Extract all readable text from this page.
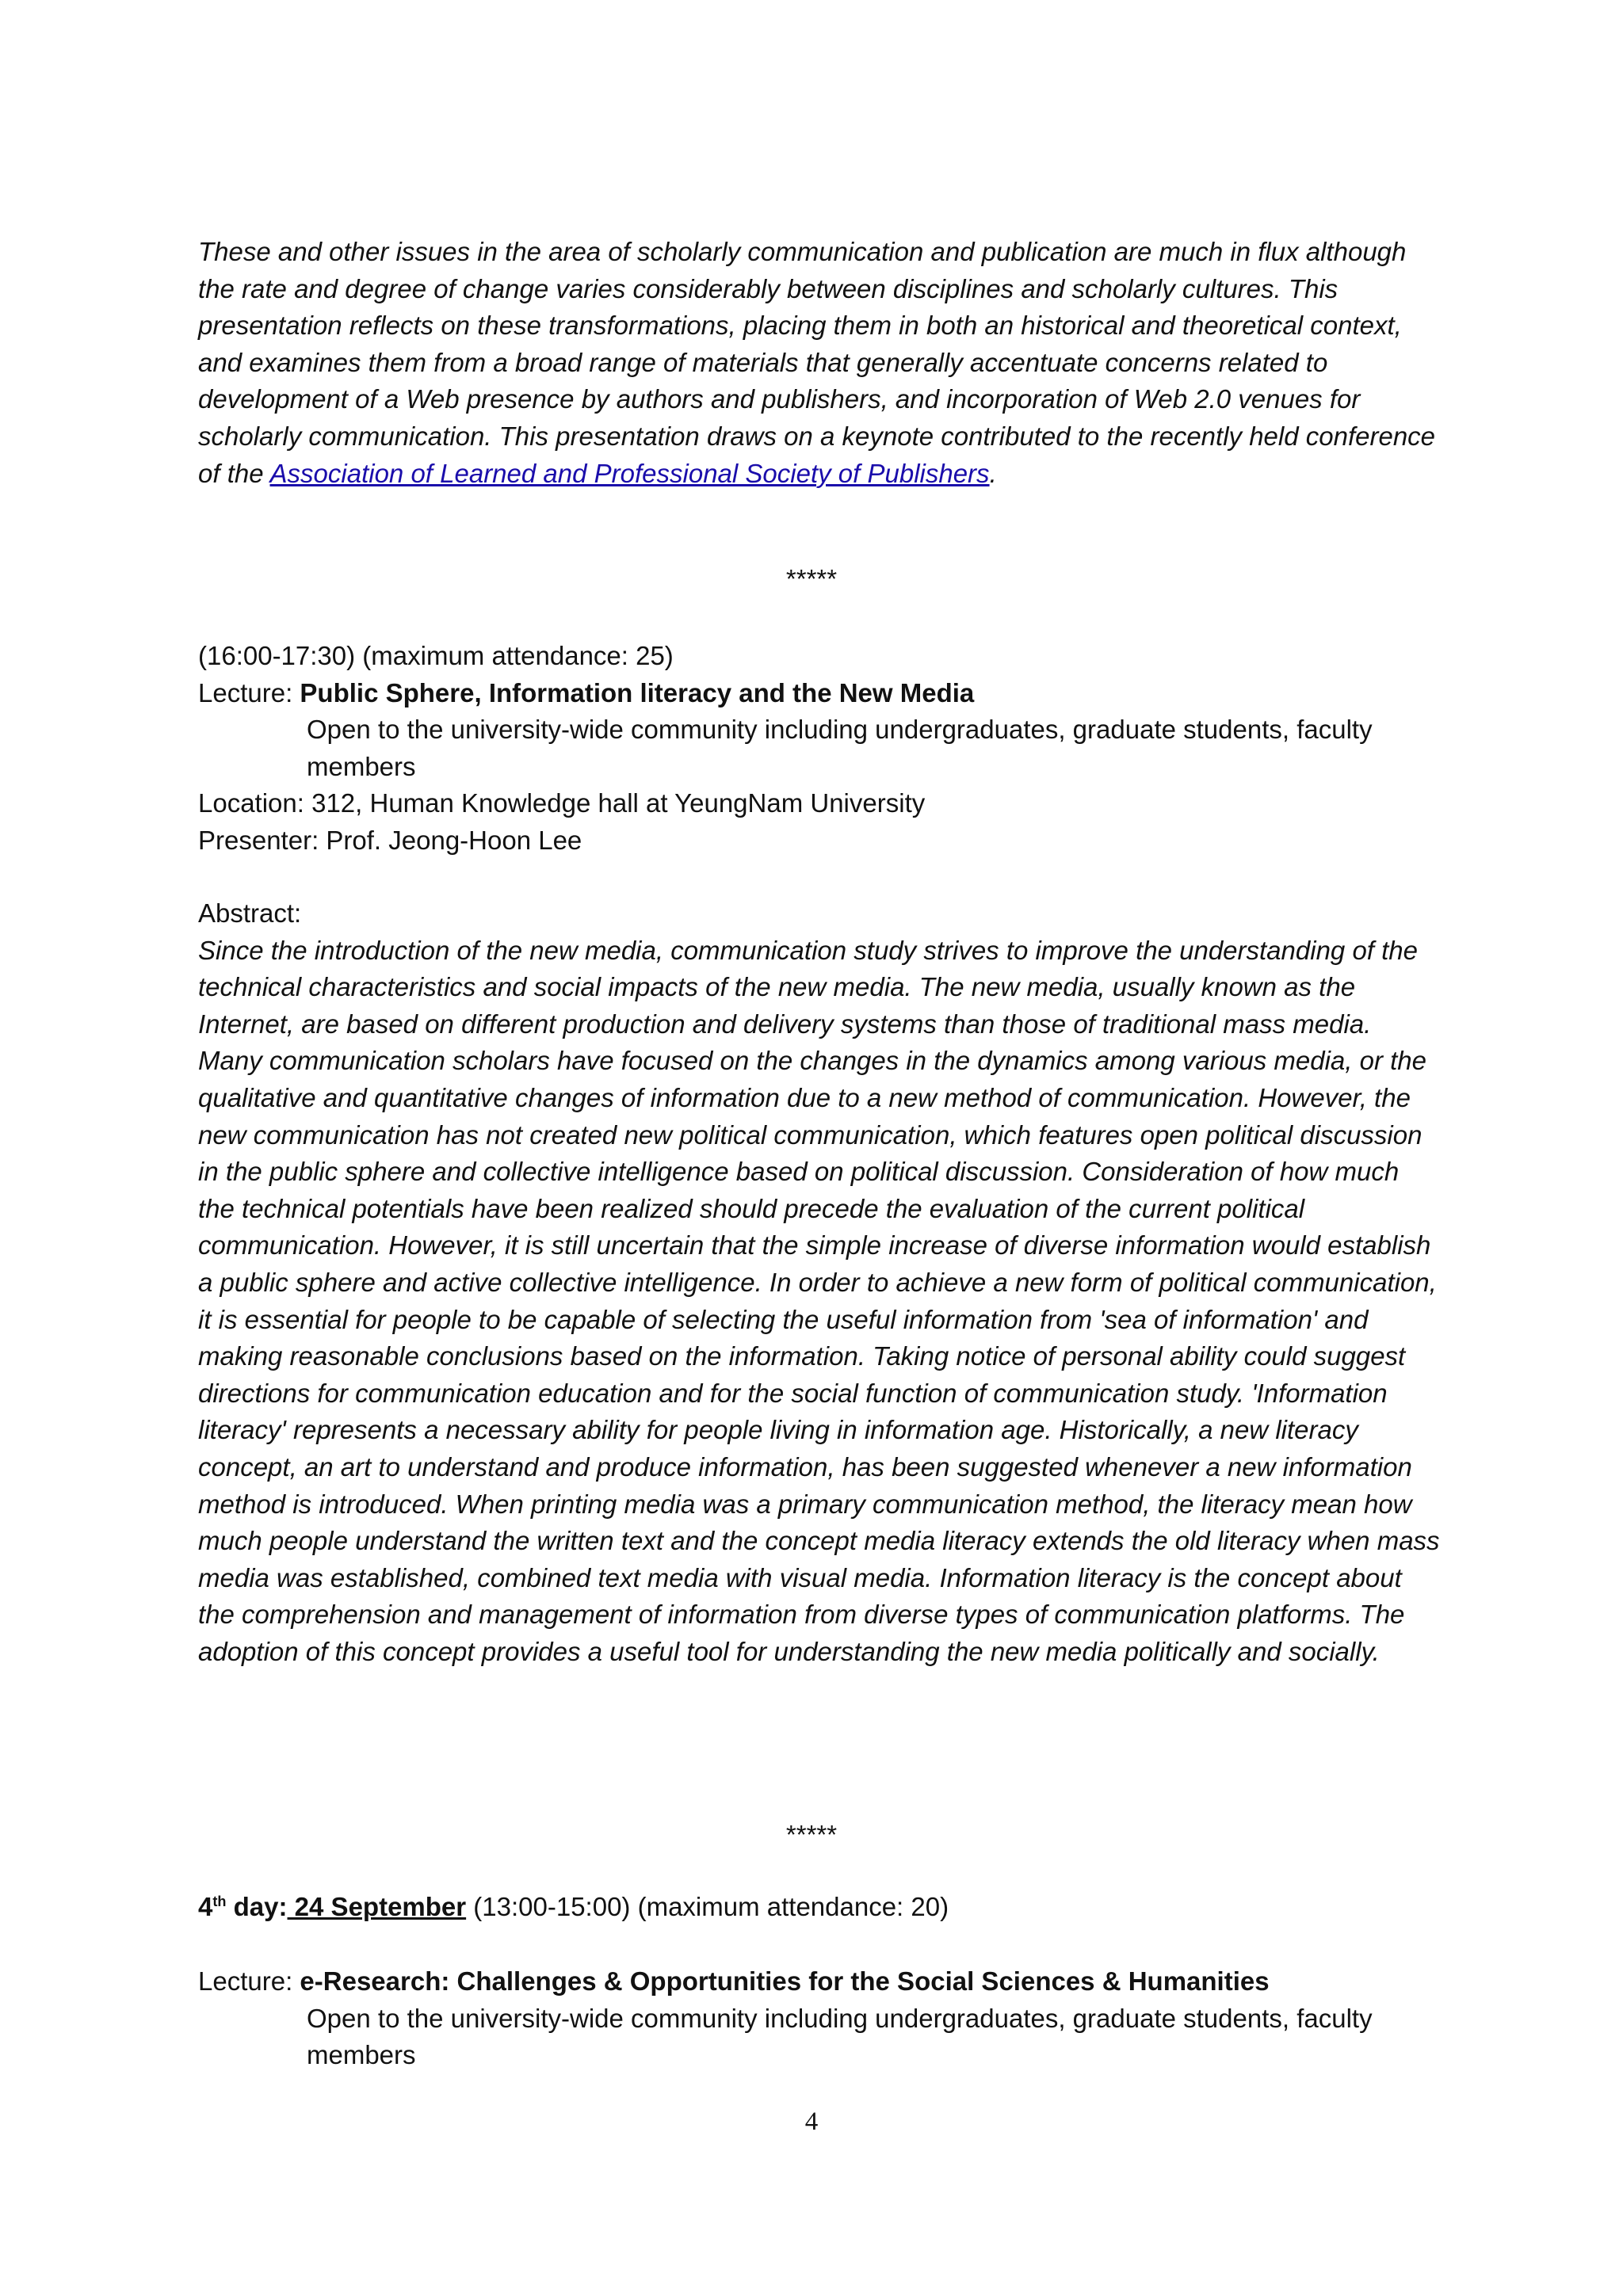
These and other issues in the area of scholarly communication and publication are much in flux although the rate and degree of change varies considerably between disciplines and scholarly cultures. This presentation reflects on these transformations, placing them in both an historical and theoretical context, and examines them from a broad range of materials that generally accentuate concerns related to development of a Web presence by authors and publishers, and incorporation of Web 2.0 venues for scholarly communication. This presentation draws on a keynote contributed to the recently held conference of the Association of Learned and Professional Society of Publishers.
*****
(16:00-17:30) (maximum attendance: 25)
Lecture: Public Sphere, Information literacy and the New Media
Open to the university-wide community including undergraduates, graduate students, faculty members
Location: 312, Human Knowledge hall at YeungNam University
Presenter: Prof. Jeong-Hoon Lee
Abstract:
Since the introduction of the new media, communication study strives to improve the understanding of the technical characteristics and social impacts of the new media. The new media, usually known as the Internet, are based on different production and delivery systems than those of traditional mass media. Many communication scholars have focused on the changes in the dynamics among various media, or the qualitative and quantitative changes of information due to a new method of communication. However, the new communication has not created new political communication, which features open political discussion in the public sphere and collective intelligence based on political discussion. Consideration of how much the technical potentials have been realized should precede the evaluation of the current political communication. However, it is still uncertain that the simple increase of diverse information would establish a public sphere and active collective intelligence. In order to achieve a new form of political communication, it is essential for people to be capable of selecting the useful information from 'sea of information' and making reasonable conclusions based on the information. Taking notice of personal ability could suggest directions for communication education and for the social function of communication study. 'Information literacy' represents a necessary ability for people living in information age. Historically, a new literacy concept, an art to understand and produce information, has been suggested whenever a new information method is introduced. When printing media was a primary communication method, the literacy mean how much people understand the written text and the concept media literacy extends the old literacy when mass media was established, combined text media with visual media. Information literacy is the concept about the comprehension and management of information from diverse types of communication platforms. The adoption of this concept provides a useful tool for understanding the new media politically and socially.
*****
4th day: 24 September (13:00-15:00) (maximum attendance: 20)
Lecture: e-Research: Challenges & Opportunities for the Social Sciences & Humanities
Open to the university-wide community including undergraduates, graduate students, faculty members
4
